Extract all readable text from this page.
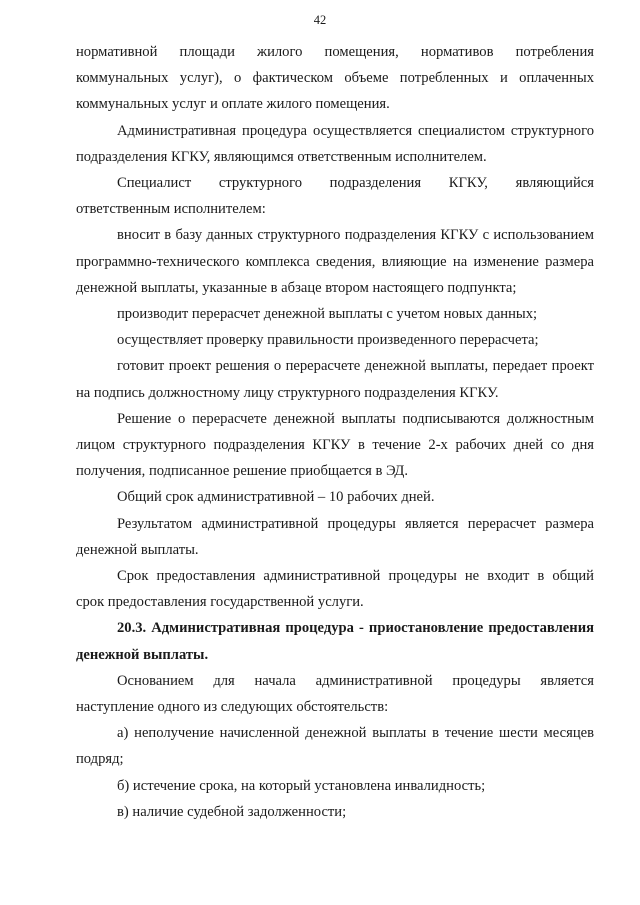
42

нормативной площади жилого помещения, нормативов потребления коммунальных услуг), о фактическом объеме потребленных и оплаченных коммунальных услуг и оплате жилого помещения.

Административная процедура осуществляется специалистом структурного подразделения КГКУ, являющимся ответственным исполнителем.

Специалист структурного подразделения КГКУ, являющийся ответственным исполнителем:

вносит в базу данных структурного подразделения КГКУ с использованием программно-технического комплекса сведения, влияющие на изменение размера денежной выплаты, указанные в абзаце втором настоящего подпункта;

производит перерасчет денежной выплаты с учетом новых данных;

осуществляет проверку правильности произведенного перерасчета;

готовит проект решения о перерасчете денежной выплаты, передает проект на подпись должностному лицу структурного подразделения КГКУ.

Решение о перерасчете денежной выплаты подписываются должностным лицом структурного подразделения КГКУ в течение 2-х рабочих дней со дня получения, подписанное решение приобщается в ЭД.

Общий срок административной – 10 рабочих дней.

Результатом административной процедуры является перерасчет размера денежной выплаты.

Срок предоставления административной процедуры не входит в общий срок предоставления государственной услуги.

20.3. Административная процедура - приостановление предоставления денежной выплаты.

Основанием для начала административной процедуры является наступление одного из следующих обстоятельств:

а) неполучение начисленной денежной выплаты в течение шести месяцев подряд;

б) истечение срока, на который установлена инвалидность;

в) наличие судебной задолженности;
